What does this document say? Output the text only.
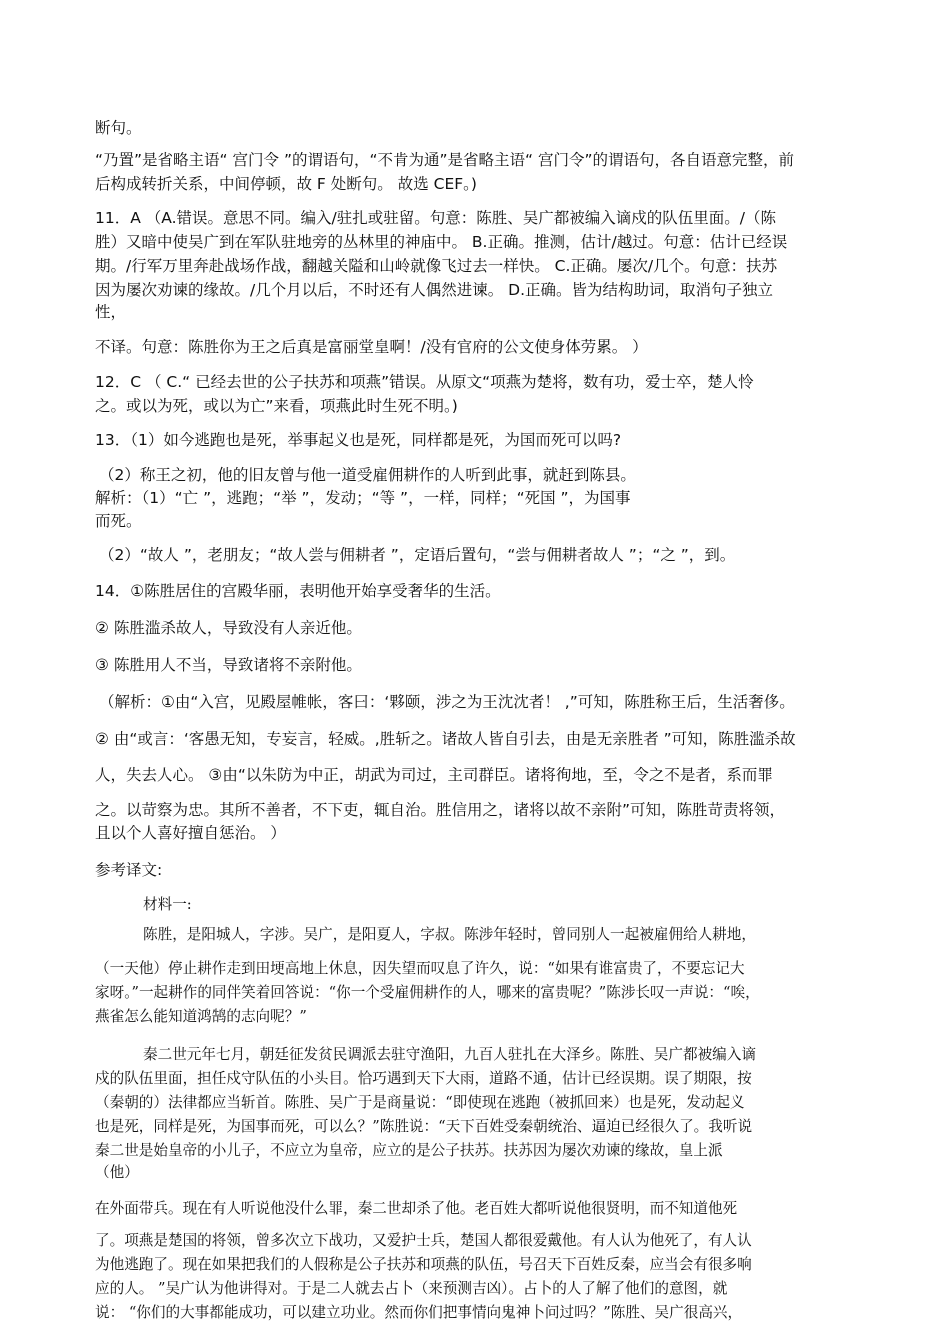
断句。
“乃置”是省略主语“ 宫门令 ”的谓语句，“不肯为通”是省略主语“ 宫门令”的谓语句，各自语意完整，前
后构成转折关系，中间停顿，故 F 处断句。 故选 CEF。)
11．A （A.错误。意思不同。编入/驻扎或驻留。句意：陈胜、吴广都被编入谪戍的队伍里面。/（陈
胜）又暗中使吴广到在军队驻地旁的丛林里的神庙中。 B.正确。推测，估计/越过。句意：估计已经误
期。/行军万里奔赴战场作战，翻越关隘和山岭就像飞过去一样快。 C.正确。屡次/几个。句意：扶苏
因为屡次劝谏的缘故。/几个月以后，不时还有人偶然进谏。 D.正确。皆为结构助词，取消句子独立
性，
不译。句意：陈胜你为王之后真是富丽堂皇啊！/没有官府的公文使身体劳累。 ）
12．C （ C.“ 已经去世的公子扶苏和项燕”错误。从原文“项燕为楚将，数有功，爱士卒，楚人怜
之。或以为死，或以为亡”来看，项燕此时生死不明。)
13．（1）如今逃跑也是死，举事起义也是死，同样都是死，为国而死可以吗?
（2）称王之初，他的旧友曾与他一道受雇佣耕作的人听到此事，就赶到陈县。
解析：（1）“亡 ”，逃跑；“举 ”，发动；“等 ”，一样，同样；“死国 ”，为国事
而死。
（2）“故人 ”，老朋友；“故人尝与佣耕者 ”，定语后置句，“尝与佣耕者故人 ”；“之 ”，到。
14．①陈胜居住的宫殿华丽，表明他开始享受奢华的生活。
② 陈胜滥杀故人，导致没有人亲近他。
③ 陈胜用人不当，导致诸将不亲附他。
（解析：①由“入宫，见殿屋帷帐，客曰：‘夥颐，涉之为王沈沈者！ ,”可知，陈胜称王后，生活奢侈。
② 由“或言：‘客愚无知，专妄言，轻威。,胜斩之。诸故人皆自引去，由是无亲胜者 ”可知，陈胜滥杀故
人，失去人心。 ③由“以朱防为中正，胡武为司过，主司群臣。诸将徇地，至，令之不是者，系而罪
之。以苛察为忠。其所不善者，不下吏，辄自治。胜信用之，诸将以故不亲附”可知，陈胜苛责将领，
且以个人喜好擅自惩治。 ）
参考译文:
材料一:
陈胜，是阳城人，字涉。吴广，是阳夏人，字叔。陈涉年轻时，曾同别人一起被雇佣给人耕地，
（一天他）停止耕作走到田埂高地上休息，因失望而叹息了许久，说：“如果有谁富贵了，不要忘记大
家呀。”一起耕作的同伴笑着回答说：“你一个受雇佣耕作的人，哪来的富贵呢？”陈涉长叹一声说：“唉，
燕雀怎么能知道鸿鹄的志向呢？”
秦二世元年七月，朝廷征发贫民调派去驻守渔阳，九百人驻扎在大泽乡。陈胜、吴广都被编入谪
戍的队伍里面，担任戍守队伍的小头目。恰巧遇到天下大雨，道路不通，估计已经误期。误了期限，按
（秦朝的）法律都应当斩首。陈胜、吴广于是商量说：“即使现在逃跑（被抓回来）也是死，发动起义
也是死，同样是死，为国事而死，可以么？”陈胜说：“天下百姓受秦朝统治、逼迫已经很久了。我听说
秦二世是始皇帝的小儿子，不应立为皇帝，应立的是公子扶苏。扶苏因为屡次劝谏的缘故，皇上派
（他）
在外面带兵。现在有人听说他没什么罪，秦二世却杀了他。老百姓大都听说他很贤明，而不知道他死
了。项燕是楚国的将领，曾多次立下战功，又爱护士兵，楚国人都很爱戴他。有人认为他死了，有人认
为他逃跑了。现在如果把我们的人假称是公子扶苏和项燕的队伍，号召天下百姓反秦，应当会有很多响
应的人。 ”吴广认为他讲得对。于是二人就去占卜（来预测吉凶）。占卜的人了解了他们的意图，就
说： “你们的大事都能成功，可以建立功业。然而你们把事情向鬼神卜问过吗？”陈胜、吴广很高兴，
